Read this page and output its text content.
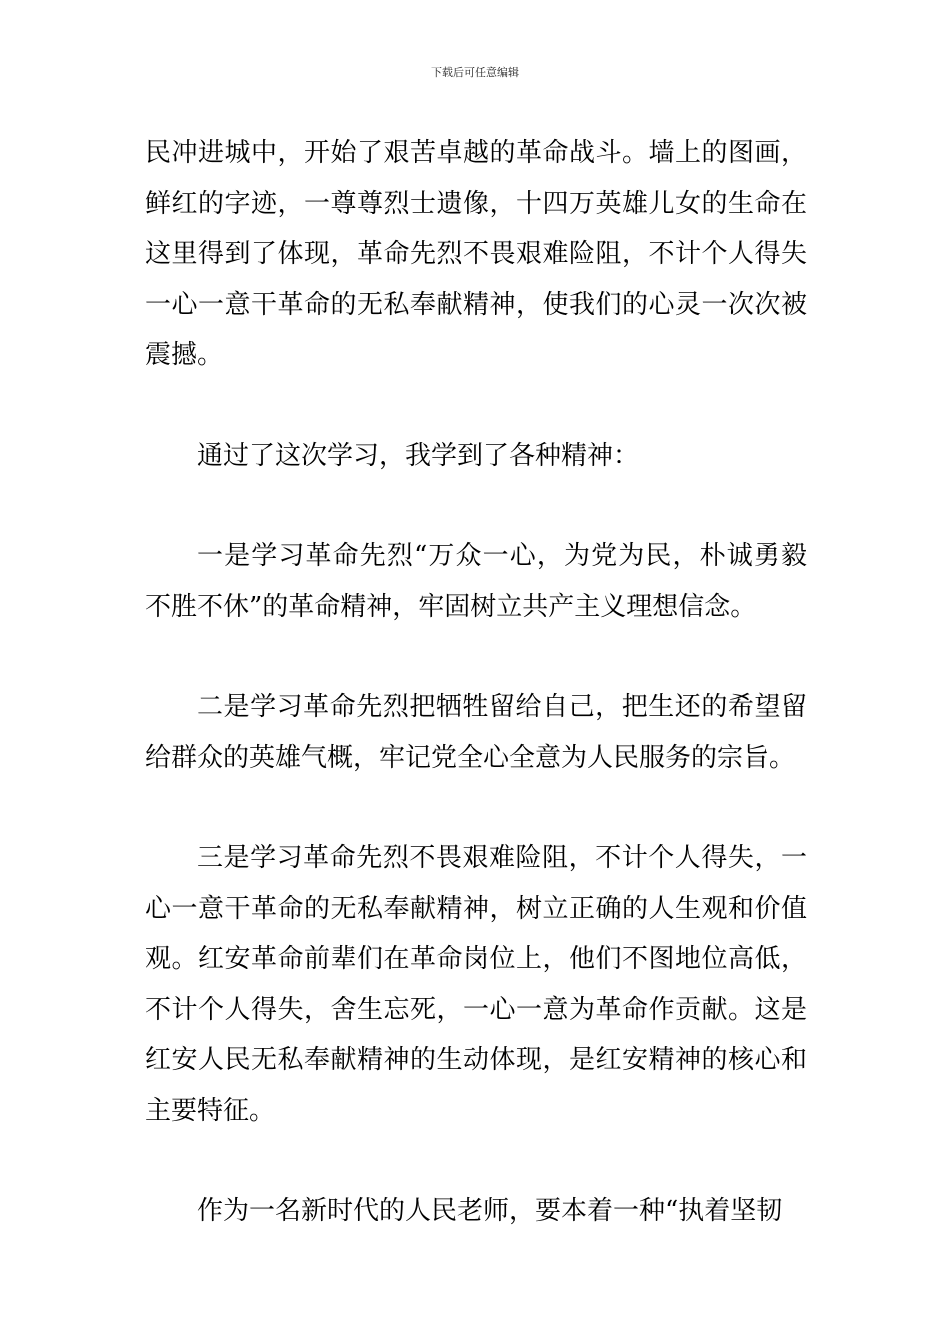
下载后可任意编辑

民冲进城中，开始了艰苦卓越的革命战斗。墙上的图画，鲜红的字迹，一尊尊烈士遗像，十四万英雄儿女的生命在这里得到了体现，革命先烈不畏艰难险阻，不计个人得失一心一意干革命的无私奉献精神，使我们的心灵一次次被震撼。

通过了这次学习，我学到了各种精神：

一是学习革命先烈“万众一心，为党为民，朴诚勇毅不胜不休”的革命精神，牢固树立共产主义理想信念。

二是学习革命先烈把牺牲留给自己，把生还的希望留给群众的英雄气概，牢记党全心全意为人民服务的宗旨。

三是学习革命先烈不畏艰难险阻，不计个人得失，一心一意干革命的无私奉献精神，树立正确的人生观和价值观。红安革命前辈们在革命岗位上，他们不图地位高低，不计个人得失，舍生忘死，一心一意为革命作贡献。这是红安人民无私奉献精神的生动体现，是红安精神的核心和主要特征。

作为一名新时代的人民老师，要本着一种“执着坚韧
